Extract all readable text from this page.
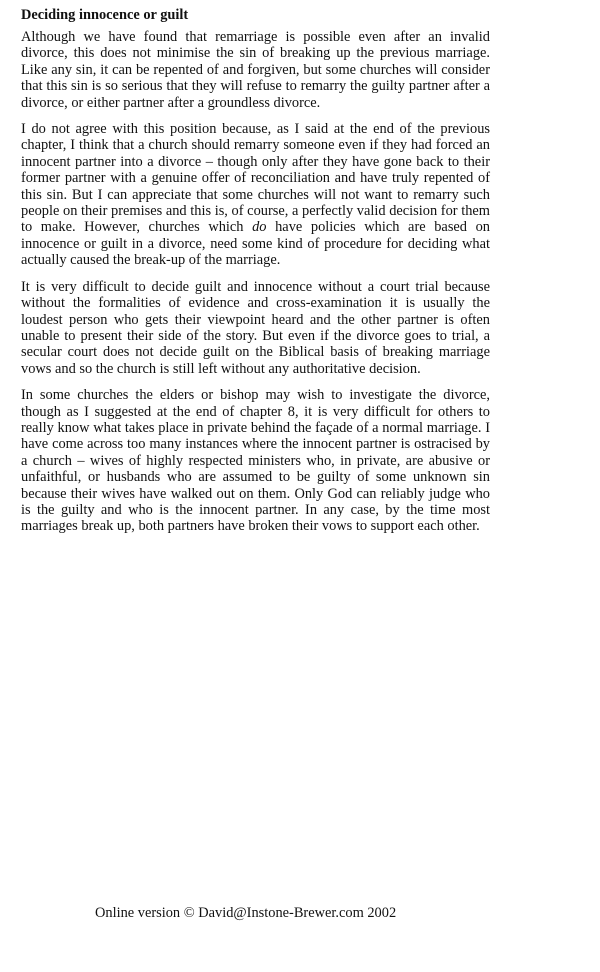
Deciding innocence or guilt

Although we have found that remarriage is possible even after an invalid divorce, this does not minimise the sin of breaking up the previous marriage. Like any sin, it can be repented of and forgiven, but some churches will consider that this sin is so serious that they will refuse to remarry the guilty partner after a divorce, or either partner after a groundless divorce.

I do not agree with this position because, as I said at the end of the previous chapter, I think that a church should remarry someone even if they had forced an innocent partner into a divorce – though only after they have gone back to their former partner with a genuine offer of reconciliation and have truly repented of this sin. But I can appreciate that some churches will not want to remarry such people on their premises and this is, of course, a perfectly valid decision for them to make. However, churches which do have policies which are based on innocence or guilt in a divorce, need some kind of procedure for deciding what actually caused the break-up of the marriage.

It is very difficult to decide guilt and innocence without a court trial because without the formalities of evidence and cross-examination it is usually the loudest person who gets their viewpoint heard and the other partner is often unable to present their side of the story. But even if the divorce goes to trial, a secular court does not decide guilt on the Biblical basis of breaking marriage vows and so the church is still left without any authoritative decision.

In some churches the elders or bishop may wish to investigate the divorce, though as I suggested at the end of chapter 8, it is very difficult for others to really know what takes place in private behind the façade of a normal marriage. I have come across too many instances where the innocent partner is ostracised by a church – wives of highly respected ministers who, in private, are abusive or unfaithful, or husbands who are assumed to be guilty of some unknown sin because their wives have walked out on them. Only God can reliably judge who is the guilty and who is the innocent partner. In any case, by the time most marriages break up, both partners have broken their vows to support each other.

Online version © David@Instone-Brewer.com 2002
